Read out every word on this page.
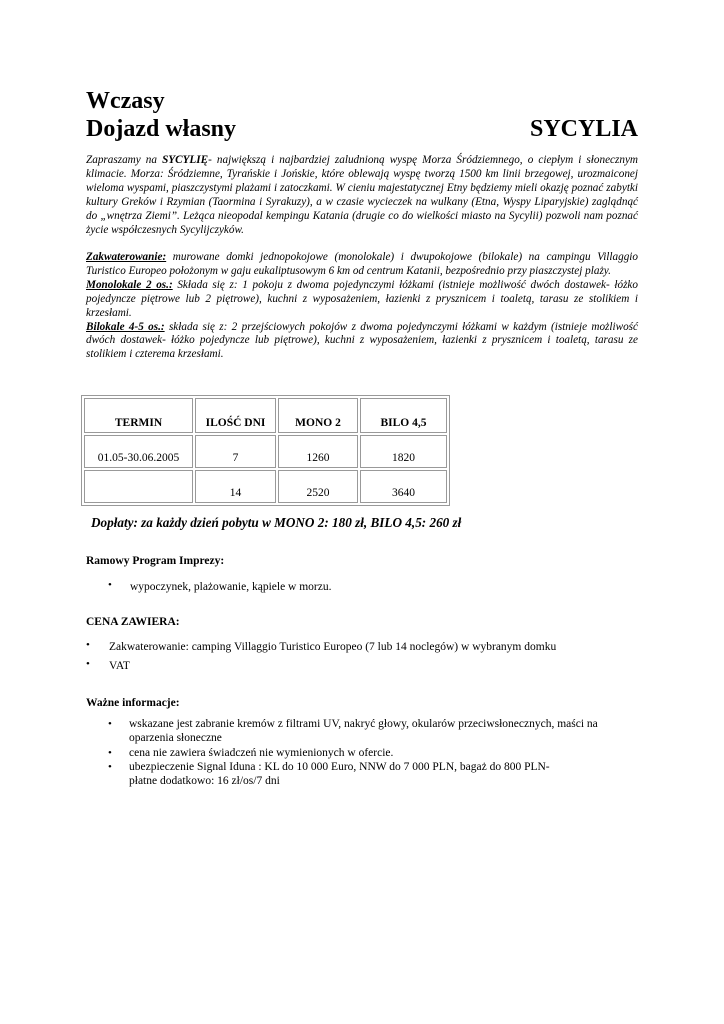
Wczasy

Dojazd własny	SYCYLIA

Zapraszamy na SYCYLIĘ- największą i najbardziej zaludnioną wyspę Morza Śródziemnego, o ciepłym i słonecznym klimacie. Morza: Śródziemne, Tyrańskie i Jońskie, które oblewają wyspę tworzą 1500 km linii brzegowej, urozmaiconej wieloma wyspami, piaszczystymi plażami i zatoczkami. W cieniu majestatycznej Etny będziemy mieli okazję poznać zabytki kultury Greków i Rzymian (Taormina i Syrakuzy), a w czasie wycieczek na wulkany (Etna, Wyspy Liparyjskie) zaglądnąć do „wnętrza Ziemi”. Leżąca nieopodal kempingu Katania (drugie co do wielkości miasto na Sycylii) pozwoli nam poznać życie współczesnych Sycylijczyków.

Zakwaterowanie: murowane domki jednopokojowe (monolokale) i dwupokojowe (bilokale) na campingu Villaggio Turistico Europeo położonym w gaju eukaliptusowym 6 km od centrum Katanii, bezpośrednio przy piaszczystej plaży.

Monolokale 2 os.: Składa się z: 1 pokoju z dwoma pojedynczymi łóżkami (istnieje możliwość dwóch dostawek- łóżko pojedyncze piętrowe lub 2 piętrowe), kuchni z wyposażeniem, łazienki z prysznicem i toaletą, tarasu ze stolikiem i krzesłami.

Bilokale 4-5 os.: składa się z: 2 przejściowych pokojów z dwoma pojedynczymi łóżkami w każdym (istnieje możliwość dwóch dostawek- łóżko pojedyncze lub piętrowe), kuchni z wyposażeniem, łazienki z prysznicem i toaletą, tarasu ze stolikiem i czterema krzesłami.

TERMIN	ILOŚĆ DNI	MONO 2	BILO 4,5
01.05-30.06.2005	7	1260	1820
	14	2520	3640

Dopłaty: za każdy dzień pobytu w MONO 2: 180 zł, BILO 4,5: 260 zł

Ramowy Program Imprezy:

• wypoczynek, plażowanie, kąpiele w morzu.

CENA ZAWIERA:

• Zakwaterowanie: camping Villaggio Turistico Europeo (7 lub 14 noclegów) w wybranym domku
• VAT

Ważne informacje:

• wskazane jest zabranie kremów z filtrami UV, nakryć głowy, okularów przeciwsłonecznych, maści na oparzenia słoneczne
• cena nie zawiera świadczeń nie wymienionych w ofercie.
• ubezpieczenie Signal Iduna : KL do 10 000 Euro, NNW do 7 000 PLN, bagaż do 800 PLN-
płatne dodatkowo: 16 zł/os/7 dni
